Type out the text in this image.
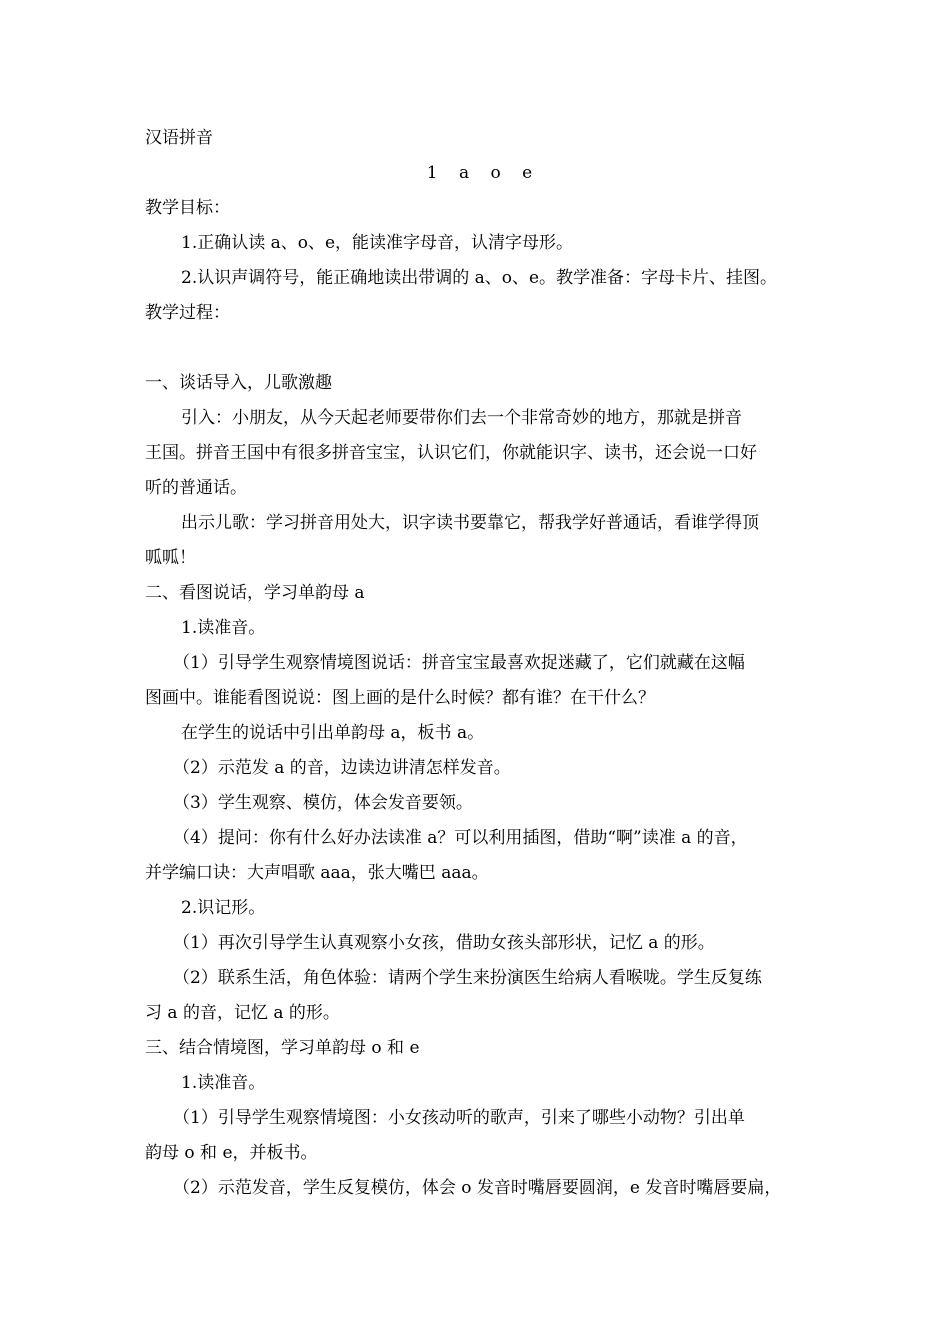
汉语拼音
1 a o e
教学目标：
1.正确认读 a、o、e，能读准字母音，认清字母形。
2.认识声调符号，能正确地读出带调的 a、o、e。教学准备：字母卡片、挂图。
教学过程：
一、谈话导入，儿歌激趣
引入：小朋友，从今天起老师要带你们去一个非常奇妙的地方，那就是拼音
王国。拼音王国中有很多拼音宝宝，认识它们，你就能识字、读书，还会说一口好
听的普通话。
出示儿歌：学习拼音用处大，识字读书要靠它，帮我学好普通话，看谁学得顶
呱呱！
二、看图说话，学习单韵母 a
1.读准音。
（1）引导学生观察情境图说话：拼音宝宝最喜欢捉迷藏了，它们就藏在这幅
图画中。谁能看图说说：图上画的是什么时候？都有谁？在干什么？
在学生的说话中引出单韵母 a，板书 a。
（2）示范发 a 的音，边读边讲清怎样发音。
（3）学生观察、模仿，体会发音要领。
（4）提问：你有什么好办法读准 a？可以利用插图，借助“啊”读准 a 的音，
并学编口诀：大声唱歌 aaa，张大嘴巴 aaa。
2.识记形。
（1）再次引导学生认真观察小女孩，借助女孩头部形状，记忆 a 的形。
（2）联系生活，角色体验：请两个学生来扮演医生给病人看喉咙。学生反复练
习 a 的音，记忆 a 的形。
三、结合情境图，学习单韵母 o 和 e
1.读准音。
（1）引导学生观察情境图：小女孩动听的歌声，引来了哪些小动物？引出单
韵母 o 和 e，并板书。
（2）示范发音，学生反复模仿，体会 o 发音时嘴唇要圆润，e 发音时嘴唇要扁，
